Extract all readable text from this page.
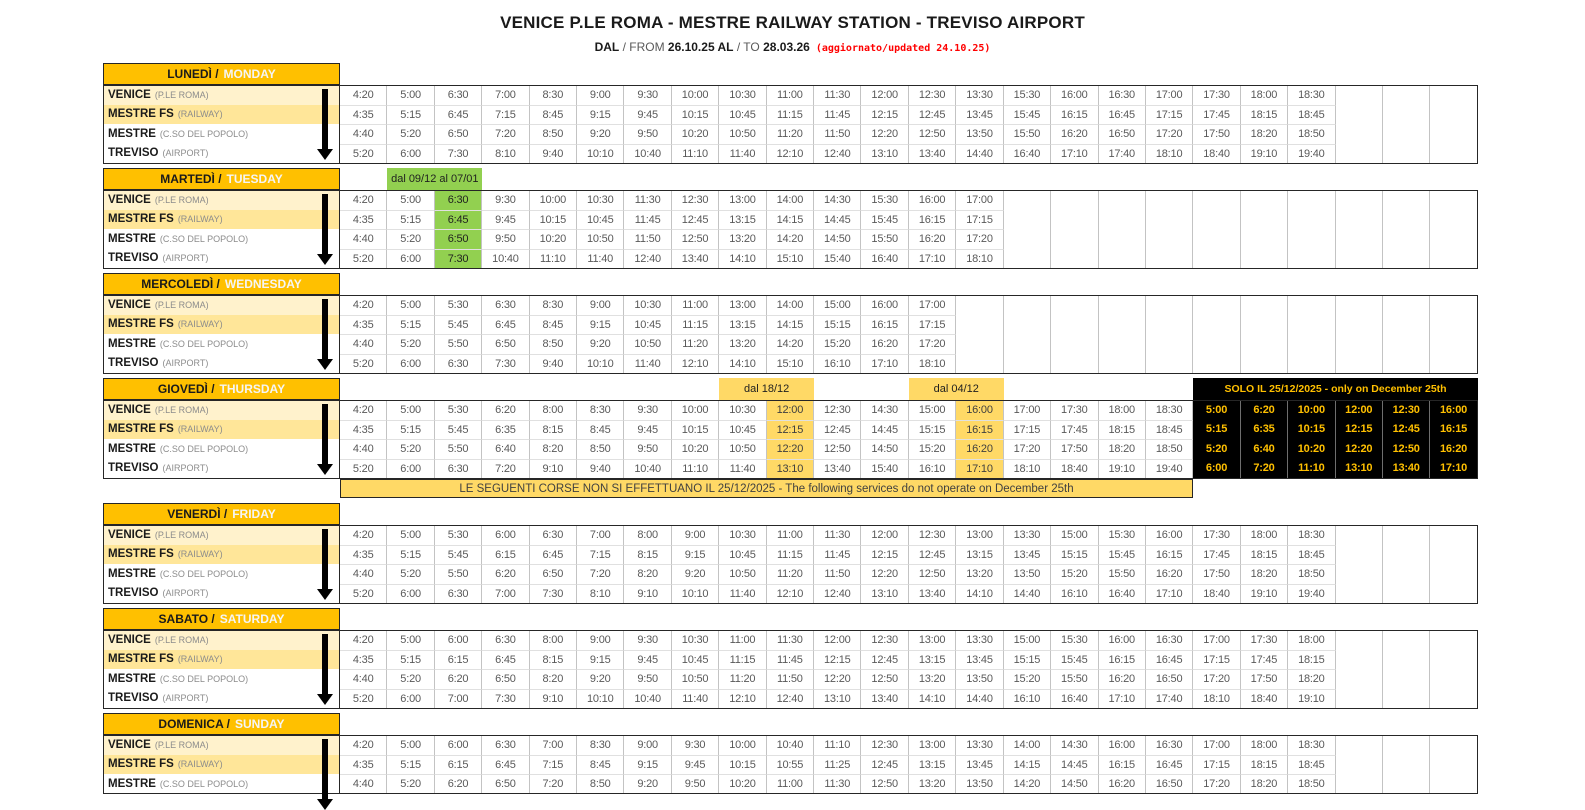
VENICE P.LE ROMA - MESTRE RAILWAY STATION - TREVISO AIRPORT
DAL / FROM 26.10.25 AL / TO 28.03.26 (aggiornato/updated 24.10.25)
LUNEDÌ / MONDAY
VENICE (P.LE ROMA)	4:20	5:00	6:30	7:00	8:30	9:00	9:30	10:00	10:30	11:00	11:30	12:00	12:30	13:30	15:30	16:00	16:30	17:00	17:30	18:00	18:30
MESTRE FS (RAILWAY)	4:35	5:15	6:45	7:15	8:45	9:15	9:45	10:15	10:45	11:15	11:45	12:15	12:45	13:45	15:45	16:15	16:45	17:15	17:45	18:15	18:45
MESTRE (C.SO DEL POPOLO)	4:40	5:20	6:50	7:20	8:50	9:20	9:50	10:20	10:50	11:20	11:50	12:20	12:50	13:50	15:50	16:20	16:50	17:20	17:50	18:20	18:50
TREVISO (AIRPORT)	5:20	6:00	7:30	8:10	9:40	10:10	10:40	11:10	11:40	12:10	12:40	13:10	13:40	14:40	16:40	17:10	17:40	18:10	18:40	19:10	19:40
MARTEDÌ / TUESDAY	dal 09/12 al 07/01
VENICE (P.LE ROMA)	4:20	5:00	6:30	9:30	10:00	10:30	11:30	12:30	13:00	14:00	14:30	15:30	16:00	17:00
MESTRE FS (RAILWAY)	4:35	5:15	6:45	9:45	10:15	10:45	11:45	12:45	13:15	14:15	14:45	15:45	16:15	17:15
MESTRE (C.SO DEL POPOLO)	4:40	5:20	6:50	9:50	10:20	10:50	11:50	12:50	13:20	14:20	14:50	15:50	16:20	17:20
TREVISO (AIRPORT)	5:20	6:00	7:30	10:40	11:10	11:40	12:40	13:40	14:10	15:10	15:40	16:40	17:10	18:10
MERCOLEDÌ / WEDNESDAY
VENICE (P.LE ROMA)	4:20	5:00	5:30	6:30	8:30	9:00	10:30	11:00	13:00	14:00	15:00	16:00	17:00
MESTRE FS (RAILWAY)	4:35	5:15	5:45	6:45	8:45	9:15	10:45	11:15	13:15	14:15	15:15	16:15	17:15
MESTRE (C.SO DEL POPOLO)	4:40	5:20	5:50	6:50	8:50	9:20	10:50	11:20	13:20	14:20	15:20	16:20	17:20
TREVISO (AIRPORT)	5:20	6:00	6:30	7:30	9:40	10:10	11:40	12:10	14:10	15:10	16:10	17:10	18:10
GIOVEDÌ / THURSDAY	dal 18/12	dal 04/12	SOLO IL 25/12/2025 - only on December 25th
VENICE (P.LE ROMA)	4:20	5:00	5:30	6:20	8:00	8:30	9:30	10:00	10:30	12:00	12:30	14:30	15:00	16:00	17:00	17:30	18:00	18:30	5:00	6:20	10:00	12:00	12:30	16:00
MESTRE FS (RAILWAY)	4:35	5:15	5:45	6:35	8:15	8:45	9:45	10:15	10:45	12:15	12:45	14:45	15:15	16:15	17:15	17:45	18:15	18:45	5:15	6:35	10:15	12:15	12:45	16:15
MESTRE (C.SO DEL POPOLO)	4:40	5:20	5:50	6:40	8:20	8:50	9:50	10:20	10:50	12:20	12:50	14:50	15:20	16:20	17:20	17:50	18:20	18:50	5:20	6:40	10:20	12:20	12:50	16:20
TREVISO (AIRPORT)	5:20	6:00	6:30	7:20	9:10	9:40	10:40	11:10	11:40	13:10	13:40	15:40	16:10	17:10	18:10	18:40	19:10	19:40	6:00	7:20	11:10	13:10	13:40	17:10
LE SEGUENTI CORSE NON SI EFFETTUANO IL 25/12/2025 - The following services do not operate on December 25th
VENERDÌ / FRIDAY
VENICE (P.LE ROMA)	4:20	5:00	5:30	6:00	6:30	7:00	8:00	9:00	10:30	11:00	11:30	12:00	12:30	13:00	13:30	15:00	15:30	16:00	17:30	18:00	18:30
MESTRE FS (RAILWAY)	4:35	5:15	5:45	6:15	6:45	7:15	8:15	9:15	10:45	11:15	11:45	12:15	12:45	13:15	13:45	15:15	15:45	16:15	17:45	18:15	18:45
MESTRE (C.SO DEL POPOLO)	4:40	5:20	5:50	6:20	6:50	7:20	8:20	9:20	10:50	11:20	11:50	12:20	12:50	13:20	13:50	15:20	15:50	16:20	17:50	18:20	18:50
TREVISO (AIRPORT)	5:20	6:00	6:30	7:00	7:30	8:10	9:10	10:10	11:40	12:10	12:40	13:10	13:40	14:10	14:40	16:10	16:40	17:10	18:40	19:10	19:40
SABATO / SATURDAY
VENICE (P.LE ROMA)	4:20	5:00	6:00	6:30	8:00	9:00	9:30	10:30	11:00	11:30	12:00	12:30	13:00	13:30	15:00	15:30	16:00	16:30	17:00	17:30	18:00
MESTRE FS (RAILWAY)	4:35	5:15	6:15	6:45	8:15	9:15	9:45	10:45	11:15	11:45	12:15	12:45	13:15	13:45	15:15	15:45	16:15	16:45	17:15	17:45	18:15
MESTRE (C.SO DEL POPOLO)	4:40	5:20	6:20	6:50	8:20	9:20	9:50	10:50	11:20	11:50	12:20	12:50	13:20	13:50	15:20	15:50	16:20	16:50	17:20	17:50	18:20
TREVISO (AIRPORT)	5:20	6:00	7:00	7:30	9:10	10:10	10:40	11:40	12:10	12:40	13:10	13:40	14:10	14:40	16:10	16:40	17:10	17:40	18:10	18:40	19:10
DOMENICA / SUNDAY
VENICE (P.LE ROMA)	4:20	5:00	6:00	6:30	7:00	8:30	9:00	9:30	10:00	10:40	11:10	12:30	13:00	13:30	14:00	14:30	16:00	16:30	17:00	18:00	18:30
MESTRE FS (RAILWAY)	4:35	5:15	6:15	6:45	7:15	8:45	9:15	9:45	10:15	10:55	11:25	12:45	13:15	13:45	14:15	14:45	16:15	16:45	17:15	18:15	18:45
MESTRE (C.SO DEL POPOLO)	4:40	5:20	6:20	6:50	7:20	8:50	9:20	9:50	10:20	11:00	11:30	12:50	13:20	13:50	14:20	14:50	16:20	16:50	17:20	18:20	18:50
